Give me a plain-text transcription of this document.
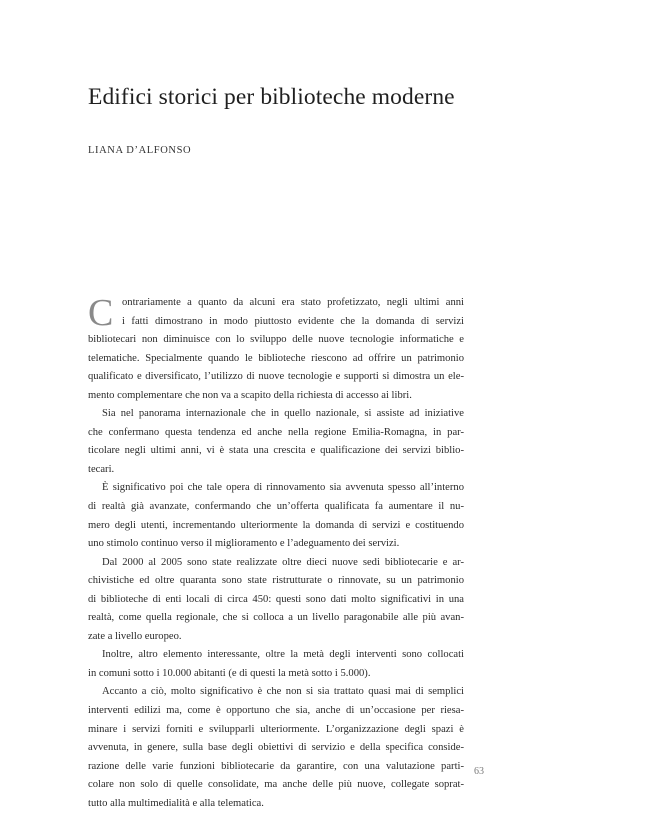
Edifici storici per biblioteche moderne

LIANA D’ALFONSO

C ontrariamente a quanto da alcuni era stato profetizzato, negli ultimi anni
i fatti dimostrano in modo piuttosto evidente che la domanda di servizi
bibliotecari non diminuisce con lo sviluppo delle nuove tecnologie informatiche e
telematiche. Specialmente quando le biblioteche riescono ad offrire un patrimonio
qualificato e diversificato, l’utilizzo di nuove tecnologie e supporti si dimostra un ele-
mento complementare che non va a scapito della richiesta di accesso ai libri.
Sia nel panorama internazionale che in quello nazionale, si assiste ad iniziative
che confermano questa tendenza ed anche nella regione Emilia-Romagna, in par-
ticolare negli ultimi anni, vi è stata una crescita e qualificazione dei servizi biblio-
tecari.
È significativo poi che tale opera di rinnovamento sia avvenuta spesso all’interno
di realtà già avanzate, confermando che un’offerta qualificata fa aumentare il nu-
mero degli utenti, incrementando ulteriormente la domanda di servizi e costituendo
uno stimolo continuo verso il miglioramento e l’adeguamento dei servizi.
Dal 2000 al 2005 sono state realizzate oltre dieci nuove sedi bibliotecarie e ar-
chivistiche ed oltre quaranta sono state ristrutturate o rinnovate, su un patrimonio
di biblioteche di enti locali di circa 450: questi sono dati molto significativi in una
realtà, come quella regionale, che si colloca a un livello paragonabile alle più avan-
zate a livello europeo.
Inoltre, altro elemento interessante, oltre la metà degli interventi sono collocati
in comuni sotto i 10.000 abitanti (e di questi la metà sotto i 5.000).
Accanto a ciò, molto significativo è che non si sia trattato quasi mai di semplici
interventi edilizi ma, come è opportuno che sia, anche di un’occasione per riesa-
minare i servizi forniti e svilupparli ulteriormente. L’organizzazione degli spazi è
avvenuta, in genere, sulla base degli obiettivi di servizio e della specifica conside-
razione delle varie funzioni bibliotecarie da garantire, con una valutazione parti-
colare non solo di quelle consolidate, ma anche delle più nuove, collegate soprat-
tutto alla multimedialità e alla telematica.

63
